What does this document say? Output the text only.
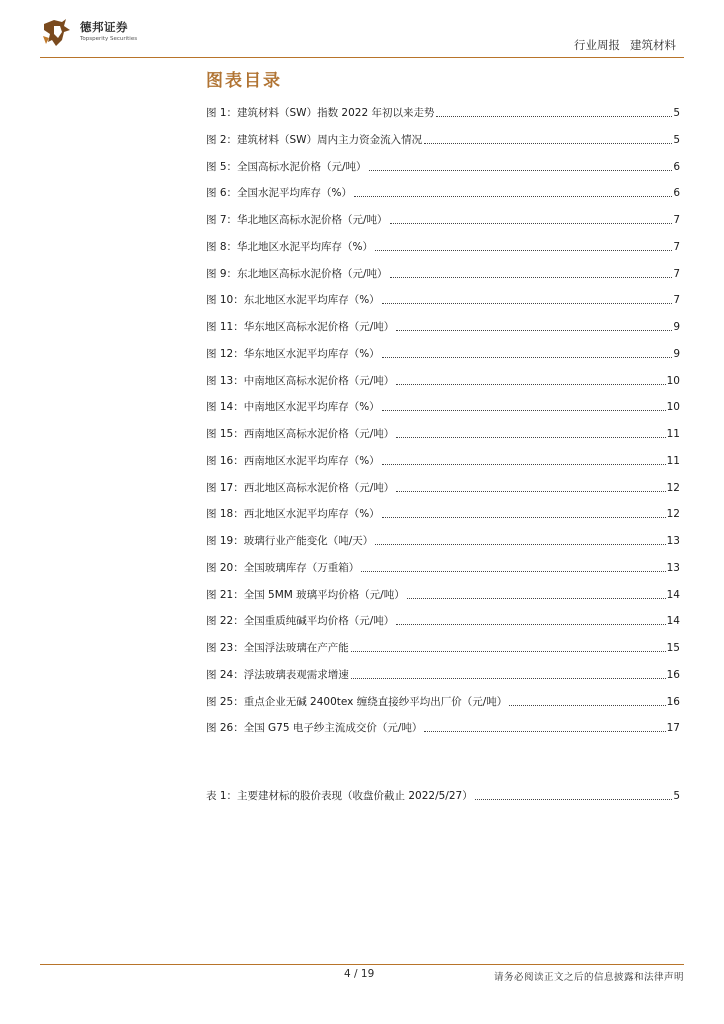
德邦证券
Topsperity Securities	行业周报 建筑材料
图表目录
图 1：建筑材料（SW）指数 2022 年初以来走势	5
图 2：建筑材料（SW）周内主力资金流入情况	5
图 5：全国高标水泥价格（元/吨）	6
图 6：全国水泥平均库存（%）	6
图 7：华北地区高标水泥价格（元/吨）	7
图 8：华北地区水泥平均库存（%）	7
图 9：东北地区高标水泥价格（元/吨）	7
图 10：东北地区水泥平均库存（%）	7
图 11：华东地区高标水泥价格（元/吨）	9
图 12：华东地区水泥平均库存（%）	9
图 13：中南地区高标水泥价格（元/吨）	10
图 14：中南地区水泥平均库存（%）	10
图 15：西南地区高标水泥价格（元/吨）	11
图 16：西南地区水泥平均库存（%）	11
图 17：西北地区高标水泥价格（元/吨）	12
图 18：西北地区水泥平均库存（%）	12
图 19：玻璃行业产能变化（吨/天）	13
图 20：全国玻璃库存（万重箱）	13
图 21：全国 5MM 玻璃平均价格（元/吨）	14
图 22：全国重质纯碱平均价格（元/吨）	14
图 23：全国浮法玻璃在产产能	15
图 24：浮法玻璃表观需求增速	16
图 25：重点企业无碱 2400tex 缠绕直接纱平均出厂价（元/吨）	16
图 26：全国 G75 电子纱主流成交价（元/吨）	17
表 1：主要建材标的股价表现（收盘价截止 2022/5/27）	5
4 / 19	请务必阅读正文之后的信息披露和法律声明
